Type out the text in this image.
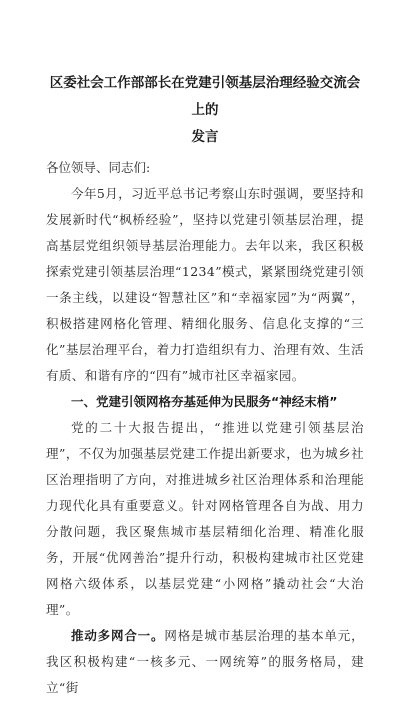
区委社会工作部部长在党建引领基层治理经验交流会上的

发言

各位领导、同志们:

今年5月，习近平总书记考察山东时强调，要坚持和发展新时代“枫桥经验”，坚持以党建引领基层治理，提高基层党组织领导基层治理能力。去年以来，我区积极探索党建引领基层治理“1234”模式，紧紧围绕党建引领一条主线，以建设“智慧社区”和“幸福家园”为“两翼”，积极搭建网格化管理、精细化服务、信息化支撑的“三化”基层治理平台，着力打造组织有力、治理有效、生活有质、和谐有序的“四有”城市社区幸福家园。

一、党建引领网格夯基延伸为民服务“神经末梢”

党的二十大报告提出，“推进以党建引领基层治理”，不仅为加强基层党建工作提出新要求，也为城乡社区治理指明了方向，对推进城乡社区治理体系和治理能力现代化具有重要意义。针对网格管理各自为战、用力分散问题，我区聚焦城市基层精细化治理、精准化服务，开展“优网善治”提升行动，积极构建城市社区党建网格六级体系，以基层党建“小网格”撬动社会“大治理”。

推动多网合一。网格是城市基层治理的基本单元，我区积极构建“一核多元、一网统筹”的服务格局，建立“街
